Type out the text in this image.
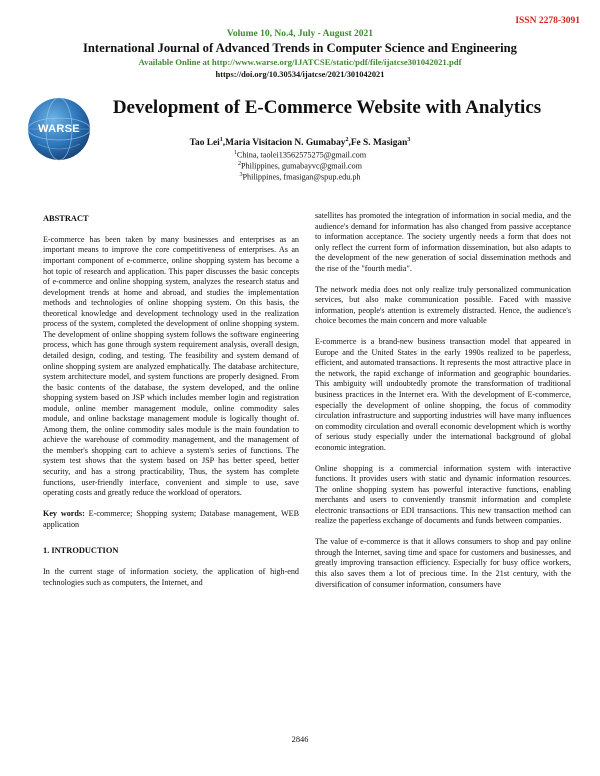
ISSN 2278-3091
Volume 10, No.4, July - August 2021
International Journal of Advanced Trends in Computer Science and Engineering
Available Online at http://www.warse.org/IJATCSE/static/pdf/file/ijatcse301042021.pdf
https://doi.org/10.30534/ijatcse/2021/301042021
WARSE
Development of E-Commerce Website with Analytics
Tao Lei$^1$,Maria Visitacion N. Gumabay$^2$,Fe S. Masigan$^3$
$^1$China, taolei13562575275@gmail.com
$^2$Philippines, gumabayvc@gmail.com
$^3$Philippines, fmasigan@spup.edu.ph
ABSTRACT

E-commerce has been taken by many businesses and enterprises as an important means to improve the core competitiveness of enterprises. As an important component of e-commerce, online shopping system has become a hot topic of research and application. This paper discusses the basic concepts of e-commerce and online shopping system, analyzes the research status and development trends at home and abroad, and studies the implementation methods and technologies of online shopping system. On this basis, the theoretical knowledge and development technology used in the realization process of the system, completed the development of online shopping system. The development of online shopping system follows the software engineering process, which has gone through system requirement analysis, overall design, detailed design, coding, and testing. The feasibility and system demand of online shopping system are analyzed emphatically. The database architecture, system architecture model, and system functions are properly designed. From the basic contents of the database, the system developed, and the online shopping system based on JSP which includes member login and registration module, online member management module, online commodity sales module, and online backstage management module is logically thought of. Among them, the online commodity sales module is the main foundation to achieve the warehouse of commodity management, and the management of the member's shopping cart to achieve a system's series of functions. The system test shows that the system based on JSP has better speed, better security, and has a strong practicability, Thus, the system has complete functions, user-friendly interface, convenient and simple to use, save operating costs and greatly reduce the workload of operators.

Key words: E-commerce; Shopping system; Database management, WEB application

1. INTRODUCTION

In the current stage of information society, the application of high-end technologies such as computers, the Internet, and

satellites has promoted the integration of information in social media, and the audience's demand for information has also changed from passive acceptance to information acceptance. The society urgently needs a form that does not only reflect the current form of information dissemination, but also adapts to the development of the new generation of social dissemination methods and the rise of the "fourth media".

The network media does not only realize truly personalized communication services, but also make communication possible. Faced with massive information, people's attention is extremely distracted. Hence, the audience's choice becomes the main concern and more valuable

E-commerce is a brand-new business transaction model that appeared in Europe and the United States in the early 1990s realized to be paperless, efficient, and automated transactions. It represents the most attractive place in the network, the rapid exchange of information and geographic boundaries. This ambiguity will undoubtedly promote the transformation of traditional business practices in the Internet era. With the development of E-commerce, especially the development of online shopping, the focus of commodity circulation infrastructure and supporting industries will have many influences on commodity circulation and overall economic development which is worthy of serious study especially under the international background of global economic integration.

Online shopping is a commercial information system with interactive functions. It provides users with static and dynamic information resources. The online shopping system has powerful interactive functions, enabling merchants and users to conveniently transmit information and complete electronic transactions or EDI transactions. This new transaction method can realize the paperless exchange of documents and funds between companies.

The value of e-commerce is that it allows consumers to shop and pay online through the Internet, saving time and space for customers and businesses, and greatly improving transaction efficiency. Especially for busy office workers, this also saves them a lot of precious time. In the 21st century, with the diversification of consumer information, consumers have

2846
